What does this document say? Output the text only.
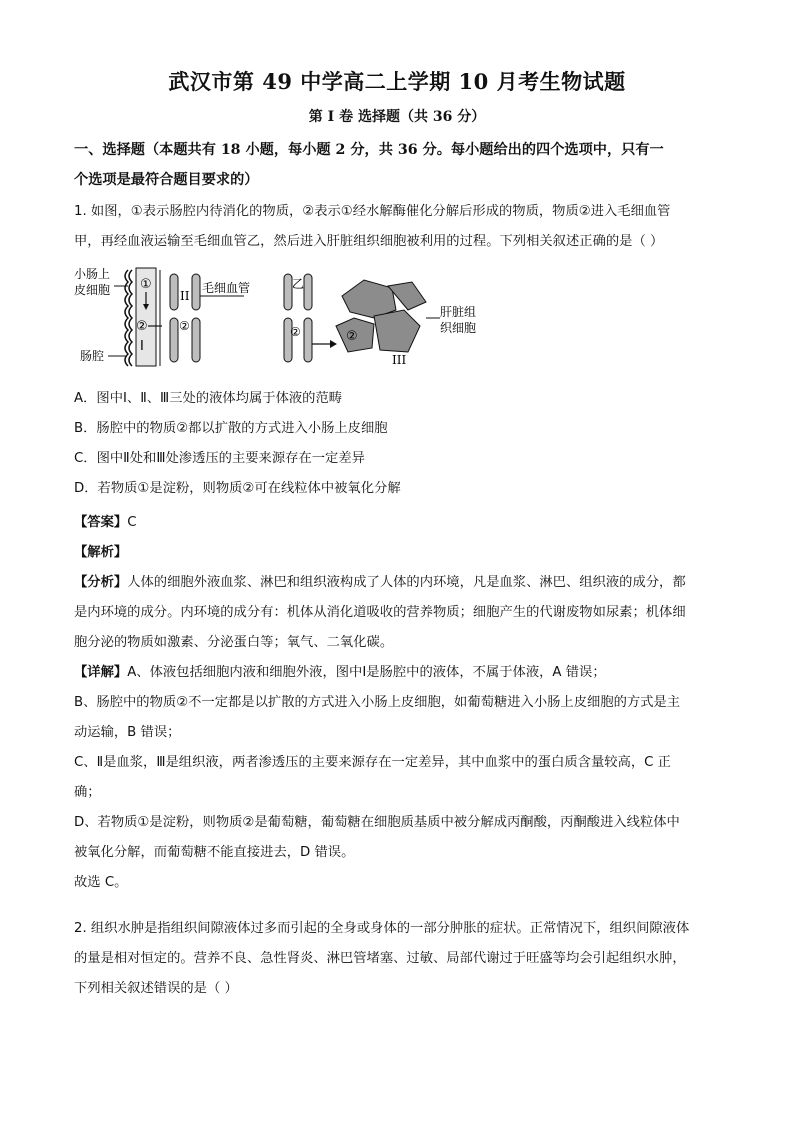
武汉市第 49 中学高二上学期 10 月考生物试题
第 I 卷 选择题（共 36 分）
一、选择题（本题共有 18 小题，每小题 2 分，共 36 分。每小题给出的四个选项中，只有一
个选项是最符合题目要求的）
1. 如图，①表示肠腔内待消化的物质，②表示①经水解酶催化分解后形成的物质，物质②进入毛细血管
甲，再经血液运输至毛细血管乙，然后进入肝脏组织细胞被利用的过程。下列相关叙述正确的是（ ）
小肠上
皮细胞
肠腔
①
②
I
II
②
毛细血管	乙
②	②
III
肝脏组
织细胞
A．图中Ⅰ、Ⅱ、Ⅲ三处的液体均属于体液的范畴
B．肠腔中的物质②都以扩散的方式进入小肠上皮细胞
C．图中Ⅱ处和Ⅲ处渗透压的主要来源存在一定差异
D．若物质①是淀粉，则物质②可在线粒体中被氧化分解
【答案】C
【解析】
【分析】人体的细胞外液血浆、淋巴和组织液构成了人体的内环境，凡是血浆、淋巴、组织液的成分，都
是内环境的成分。内环境的成分有：机体从消化道吸收的营养物质；细胞产生的代谢废物如尿素；机体细
胞分泌的物质如激素、分泌蛋白等；氧气、二氧化碳。
【详解】A、体液包括细胞内液和细胞外液，图中Ⅰ是肠腔中的液体，不属于体液，A 错误；
B、肠腔中的物质②不一定都是以扩散的方式进入小肠上皮细胞，如葡萄糖进入小肠上皮细胞的方式是主
动运输，B 错误；
C、Ⅱ是血浆，Ⅲ是组织液，两者渗透压的主要来源存在一定差异，其中血浆中的蛋白质含量较高，C 正
确；
D、若物质①是淀粉，则物质②是葡萄糖，葡萄糖在细胞质基质中被分解成丙酮酸，丙酮酸进入线粒体中
被氧化分解，而葡萄糖不能直接进去，D 错误。
故选 C。
2. 组织水肿是指组织间隙液体过多而引起的全身或身体的一部分肿胀的症状。正常情况下，组织间隙液体
的量是相对恒定的。营养不良、急性肾炎、淋巴管堵塞、过敏、局部代谢过于旺盛等均会引起组织水肿，
下列相关叙述错误的是（ ）
